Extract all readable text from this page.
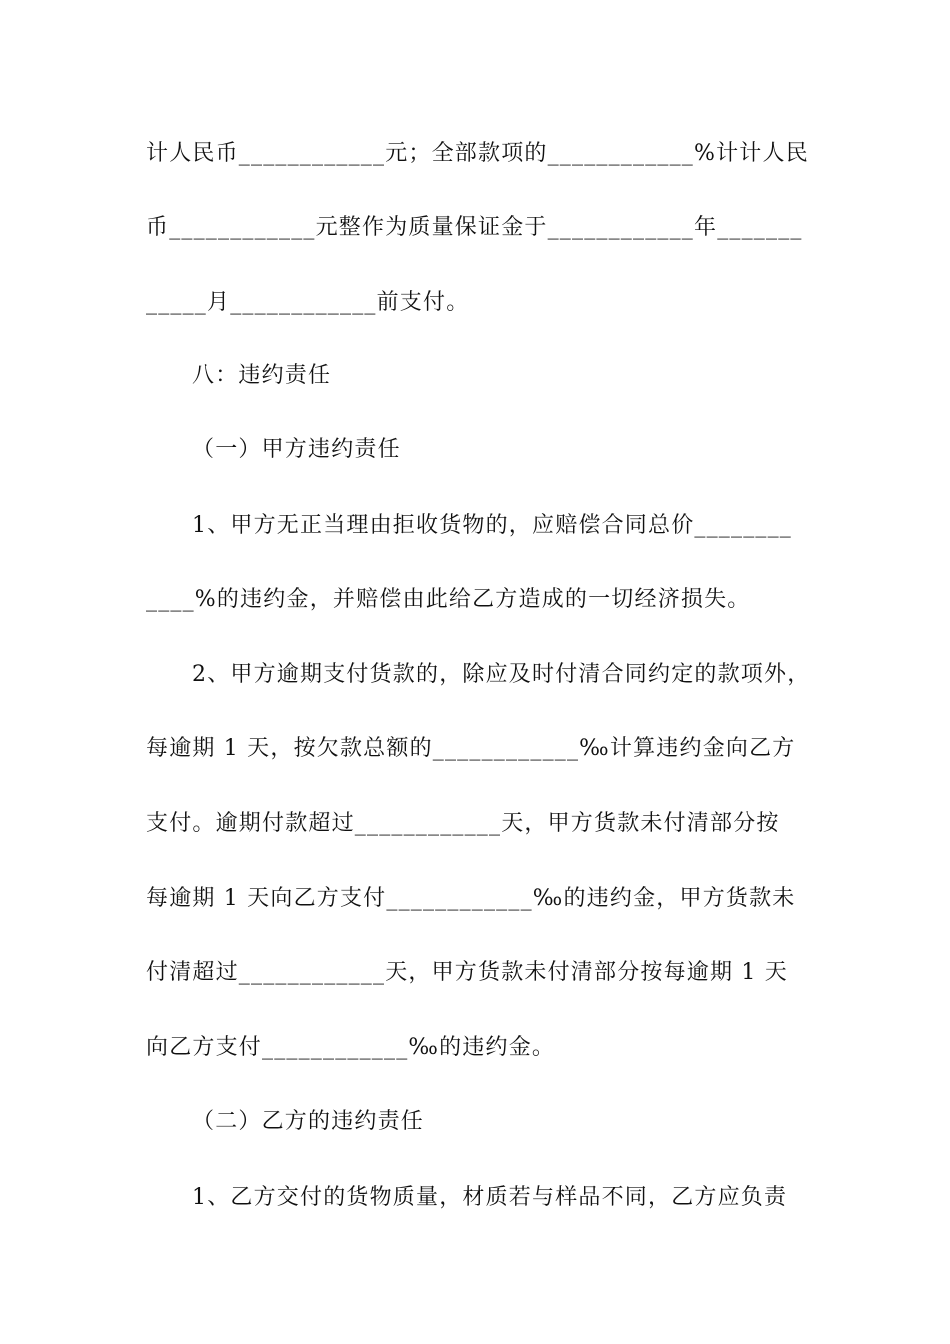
计人民币____________元；全部款项的____________%计计人民
币____________元整作为质量保证金于____________年_______
_____月____________前支付。
八：违约责任
（一）甲方违约责任
1、甲方无正当理由拒收货物的，应赔偿合同总价________
____%的违约金，并赔偿由此给乙方造成的一切经济损失。
2、甲方逾期支付货款的，除应及时付清合同约定的款项外，
每逾期 1 天，按欠款总额的____________‰计算违约金向乙方
支付。逾期付款超过____________天，甲方货款未付清部分按
每逾期 1 天向乙方支付____________‰的违约金，甲方货款未
付清超过____________天，甲方货款未付清部分按每逾期 1 天
向乙方支付____________‰的违约金。
（二）乙方的违约责任
1、乙方交付的货物质量，材质若与样品不同，乙方应负责
